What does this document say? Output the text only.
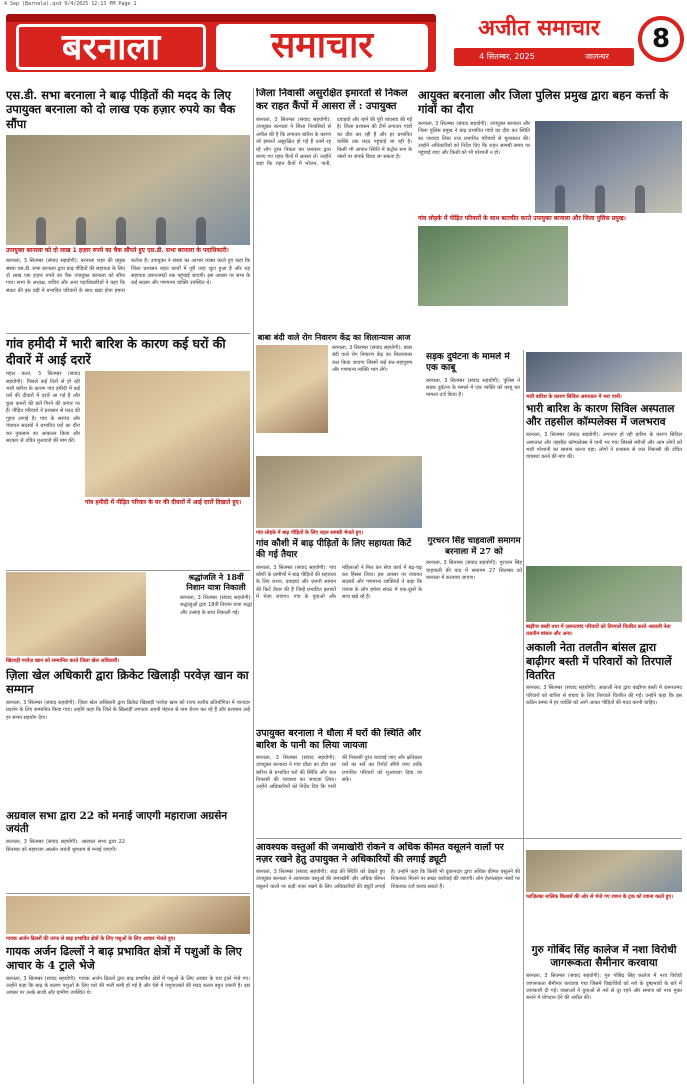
4 Sep (Barnala).qxd 9/4/2025 12:13 PM Page 1
बरनाला	समाचार	अजीत समाचार
4 सितम्बर, 2025	जालन्धर
8
एस.डी. सभा बरनाला ने बाढ़ पीड़ितों की मदद के लिए उपायुक्त बरनाला को दो लाख एक हज़ार रुपये का चैक सौंपा
उपायुक्त बरनाला को दो लाख 1 हज़ार रुपये का चैक सौंपते हुए एस.डी. सभा बरनाला के पदाधिकारी।
बरनाला, 3 सितम्बर (संवाद सहयोगी): बरनाला शहर की प्रमुख संस्था एस.डी. सभा बरनाला द्वारा बाढ़ पीड़ितों की सहायता के लिए दो लाख एक हज़ार रुपये का चैक उपायुक्त बरनाला को सौंपा गया। सभा के अध्यक्ष, सचिव और अन्य पदाधिकारियों ने कहा कि संकट की इस घड़ी में प्रभावित परिवारों के साथ खड़ा होना हमारा कर्तव्य है। उपायुक्त ने संस्था का आभार व्यक्त करते हुए कहा कि जिला प्रशासन राहत कार्यों में पूरी तरह जुटा हुआ है और यह सहायता ज़रूरतमंदों तक पहुंचाई जाएगी। इस अवसर पर सभा के कई सदस्य और गणमान्य व्यक्ति उपस्थित थे।
जिला निवासी असुरक्षित इमारतों से निकल कर राहत कैंपों में आसरा लें : उपायुक्त
बरनाला, 3 सितम्बर (संवाद सहयोगी): उपायुक्त बरनाला ने जिला निवासियों से अपील की है कि लगातार बारिश के कारण जो इमारतें असुरक्षित हो गई हैं उनमें रह रहे लोग तुरंत निकल कर प्रशासन द्वारा बनाए गए राहत कैंपों में आसरा लें। उन्होंने कहा कि राहत कैंपों में भोजन, पानी, दवाइयों और रहने की पूरी व्यवस्था की गई है। जिला प्रशासन की टीमें लगातार गांवों का दौरा कर रही हैं और हर प्रभावित व्यक्ति तक मदद पहुंचाई जा रही है। किसी भी आपात स्थिति में कंट्रोल रूम के नंबरों पर संपर्क किया जा सकता है।
आयुक्त बरनाला और जिला पुलिस प्रमुख द्वारा बहन कर्त्ता के गांवों का दौरा
बरनाला, 3 सितम्बर (संवाद सहयोगी): उपायुक्त बरनाला और जिला पुलिस प्रमुख ने बाढ़ प्रभावित गांवों का दौरा कर स्थिति का जायज़ा लिया तथा प्रभावित परिवारों से मुलाकात की। उन्होंने अधिकारियों को निर्देश दिए कि राहत सामग्री समय पर पहुंचाई जाए और किसी को भी परेशानी न हो।
गांव लोहके में पीड़ित परिवारों के साथ बातचीत करते उपायुक्त बरनाला और जिला पुलिस प्रमुख।
गांव हमीदी में भारी बारिश के कारण कई घरों की दीवारें में आई दरारें
महल कलां, 3 सितम्बर (संवाद सहयोगी): पिछले कई दिनों से हो रही भारी बारिश के कारण गांव हमीदी में कई घरों की दीवारों में दरारें आ गई हैं और कुछ कमरों की छतें गिरने की कगार पर हैं। पीड़ित परिवारों ने प्रशासन से मदद की गुहार लगाई है। गांव के सरपंच और पंचायत सदस्यों ने प्रभावित घरों का दौरा कर नुकसान का आकलन किया और सरकार से उचित मुआवज़े की मांग की।
गांव हमीदी में पीड़ित परिवार के घर की दीवारों में आई दरारें दिखाते हुए।
बाबा बंदी वाले रोग निवारण केंद्र का शिलान्यास आज
बरनाला, 3 सितम्बर (संवाद सहयोगी): बाबा बंदी वाले रोग निवारण केंद्र का शिलान्यास कल किया जाएगा जिसमें कई संत-महापुरुष और गणमान्य व्यक्ति भाग लेंगे।
गांव लोहके में बाढ़ पीड़ितों के लिए राहत सामग्री भेजते हुए।
गांव कौशी में बाढ़ पीड़ितों के लिए सहायता किटें की गई तैयार
बरनाला, 3 सितम्बर (संवाद सहयोगी): गांव कौशी के ग्रामीणों ने बाढ़ पीड़ितों की सहायता के लिए राशन, दवाइयां और ज़रूरी सामान की किटें तैयार की हैं जिन्हें प्रभावित इलाकों में भेजा जाएगा। गांव के युवाओं और महिलाओं ने मिल कर सेवा कार्य में बढ़-चढ़ कर हिस्सा लिया। इस अवसर पर पंचायत सदस्यों और गणमान्य व्यक्तियों ने कहा कि पंजाब के लोग हमेशा संकट में एक-दूसरे के साथ खड़े रहे हैं।
भारी बारिश के कारण सिविल अस्पताल में भरा पानी।
भारी बारिश के कारण सिविल अस्पताल और तहसील कॉम्पलेक्स में जलभराव
बरनाला, 3 सितम्बर (संवाद सहयोगी): लगातार हो रही बारिश के कारण सिविल अस्पताल और तहसील कॉम्पलेक्स में पानी भर गया जिससे मरीजों और आम लोगों को भारी परेशानी का सामना करना पड़ा। लोगों ने प्रशासन से जल निकासी की उचित व्यवस्था करने की मांग की।
सड़क दुर्घटना के मामले में एक काबू
बरनाला, 3 सितम्बर (संवाद सहयोगी): पुलिस ने सड़क दुर्घटना के मामले में एक व्यक्ति को काबू कर मामला दर्ज किया है।
गुरचरन सिंह चाहवाली समागम बरनाला में 27 को
बरनाला, 3 सितम्बर (संवाद सहयोगी): गुरचरन सिंह चाहवाली की याद में समागम 27 सितम्बर को बरनाला में करवाया जाएगा।
बाढ़ीगर बस्ती तथा में ज़रूरतमंद परिवारों को तिरपालें वितरित करते अकाली नेता तलतीन बांसल और अन्य।
अकाली नेता तलतीन बांसल द्वारा बाढ़ीगर बस्ती में परिवारों को तिरपालें वितरित
बरनाला, 3 सितम्बर (संवाद सहयोगी): अकाली नेता द्वारा बाढ़ीगर बस्ती में ज़रूरतमंद परिवारों को बारिश से बचाव के लिए तिरपालें वितरित की गईं। उन्होंने कहा कि इस कठिन समय में हर व्यक्ति को आगे आकर पीड़ितों की मदद करनी चाहिए।
खिलाड़ी परवेज़ खान को सम्मानित करते जिला खेल अधिकारी।
ज़िला खेल अधिकारी द्वारा क्रिकेट खिलाड़ी परवेज़ खान का सम्मान
बरनाला, 3 सितम्बर (संवाद सहयोगी): ज़िला खेल अधिकारी द्वारा क्रिकेट खिलाड़ी परवेज़ खान को राज्य स्तरीय प्रतियोगिता में शानदार प्रदर्शन के लिए सम्मानित किया गया। उन्होंने कहा कि जिले के खिलाड़ी लगातार अपनी मेहनत से नाम रोशन कर रहे हैं और प्रशासन उन्हें हर संभव सहयोग देगा।
श्रद्धांजलि ने 18वीं निशान यात्रा निकाली
बरनाला, 3 सितम्बर (संवाद सहयोगी): श्रद्धालुओं द्वारा 18वीं निशान यात्रा श्रद्धा और उत्साह के साथ निकाली गई।
उपायुक्त बरनाला ने धौला में घरों की स्थिति और बारिश के पानी का लिया जायजा
बरनाला, 3 सितम्बर (संवाद सहयोगी): उपायुक्त बरनाला ने गांव धौला का दौरा कर बारिश से प्रभावित घरों की स्थिति और जल निकासी की व्यवस्था का जायज़ा लिया। उन्होंने अधिकारियों को निर्देश दिए कि पानी की निकासी तुरंत करवाई जाए और क्षतिग्रस्त घरों का सर्वे कर रिपोर्ट सौंपी जाए ताकि प्रभावित परिवारों को मुआवज़ा दिया जा सके।
आवश्यक वस्तुओं की जमाखोरी रोकने व अधिक कीमत वसूलने वालों पर नज़र रखने हेतु उपायुक्त ने अधिकारियों की लगाई ड्यूटी
बरनाला, 3 सितम्बर (संवाद सहयोगी): बाढ़ की स्थिति को देखते हुए उपायुक्त बरनाला ने आवश्यक वस्तुओं की जमाखोरी और अधिक कीमत वसूलने वालों पर कड़ी नज़र रखने के लिए अधिकारियों की ड्यूटी लगाई है। उन्होंने कहा कि किसी भी दुकानदार द्वारा अधिक कीमत वसूलने की शिकायत मिलने पर सख्त कार्रवाई की जाएगी। लोग हेल्पलाइन नंबरों पर शिकायत दर्ज करवा सकते हैं।
अग्रवाल सभा द्वारा 22 को मनाई जाएगी महाराजा अग्रसेन जयंती
बरनाला, 3 सितम्बर (संवाद सहयोगी): अग्रवाल सभा द्वारा 22 सितम्बर को महाराजा अग्रसेन जयंती धूमधाम से मनाई जाएगी।
फाज़िल्का मालिक बिल्डर्स की ओर से भेजे गए राशन के ट्रक को रवाना करते हुए।
गायक अर्जन ढिल्लों की तरफ से बाढ़ प्रभावित क्षेत्रों के लिए पशुओं के लिए आचार भेजते हुए।
गायक अर्जन ढिल्लों ने बाढ़ प्रभावित क्षेत्रों में पशुओं के लिए आचार के 4 ट्राले भेजे
बरनाला, 3 सितम्बर (संवाद सहयोगी): गायक अर्जन ढिल्लों द्वारा बाढ़ प्रभावित क्षेत्रों में पशुओं के लिए आचार के चार ट्राले भेजे गए। उन्होंने कहा कि बाढ़ के कारण पशुओं के लिए चारे की भारी कमी हो गई है और ऐसे में पशुपालकों की मदद करना बहुत ज़रूरी है। इस अवसर पर उनके साथी और ग्रामीण उपस्थित थे।
गुरु गोबिंद सिंह कालेज में नशा विरोधी जागरूकता सैमीनार करवाया
बरनाला, 3 सितम्बर (संवाद सहयोगी): गुरु गोबिंद सिंह कालेज में नशा विरोधी जागरूकता सैमीनार करवाया गया जिसमें विद्यार्थियों को नशे के दुष्प्रभावों के बारे में जानकारी दी गई। वक्ताओं ने युवाओं से नशे से दूर रहने और समाज को नशा मुक्त बनाने में योगदान देने की अपील की।
